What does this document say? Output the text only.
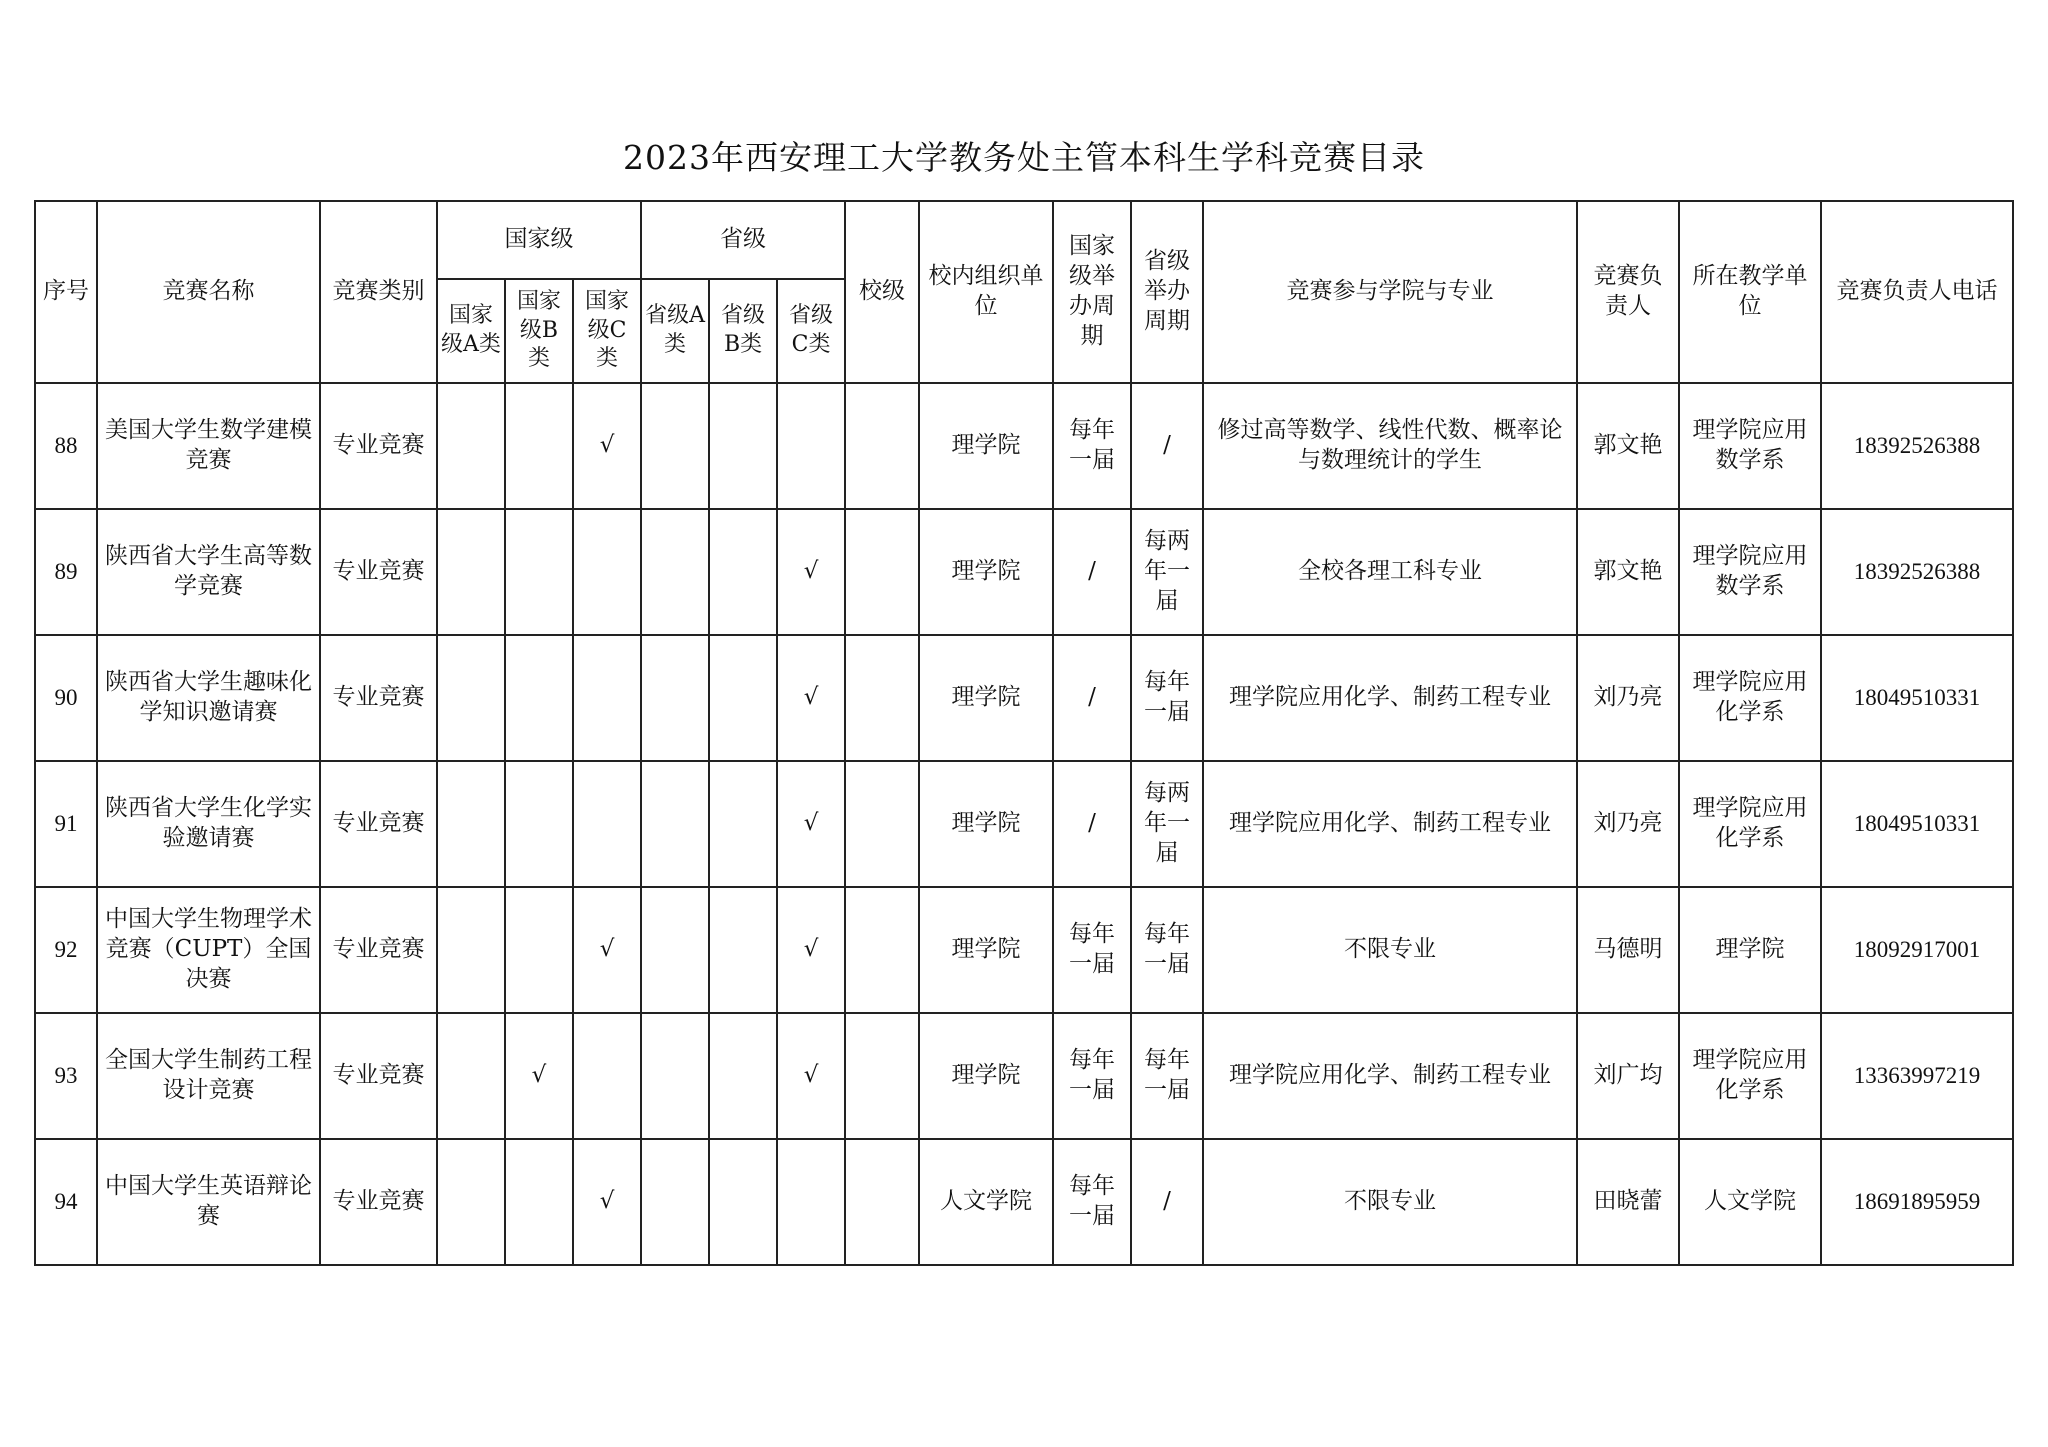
2023年西安理工大学教务处主管本科生学科竞赛目录
序号	竞赛名称	竞赛类别	国家级			省级			校级	校内组织单位	国家级举办周期	省级举办周期	竞赛参与学院与专业	竞赛负责人	所在教学单位	竞赛负责人电话
			国家级A类	国家级B类	国家级C类	省级A类	省级B类	省级C类								
88	美国大学生数学建模竞赛	专业竞赛			√					理学院	每年一届	/	修过高等数学、线性代数、概率论与数理统计的学生	郭文艳	理学院应用数学系	18392526388
89	陕西省大学生高等数学竞赛	专业竞赛						√		理学院	/	每两年一届	全校各理工科专业	郭文艳	理学院应用数学系	18392526388
90	陕西省大学生趣味化学知识邀请赛	专业竞赛						√		理学院	/	每年一届	理学院应用化学、制药工程专业	刘乃亮	理学院应用化学系	18049510331
91	陕西省大学生化学实验邀请赛	专业竞赛						√		理学院	/	每两年一届	理学院应用化学、制药工程专业	刘乃亮	理学院应用化学系	18049510331
92	中国大学生物理学术竞赛（CUPT）全国决赛	专业竞赛			√			√		理学院	每年一届	每年一届	不限专业	马德明	理学院	18092917001
93	全国大学生制药工程设计竞赛	专业竞赛		√				√		理学院	每年一届	每年一届	理学院应用化学、制药工程专业	刘广均	理学院应用化学系	13363997219
94	中国大学生英语辩论赛	专业竞赛			√					人文学院	每年一届	/	不限专业	田晓蕾	人文学院	18691895959
